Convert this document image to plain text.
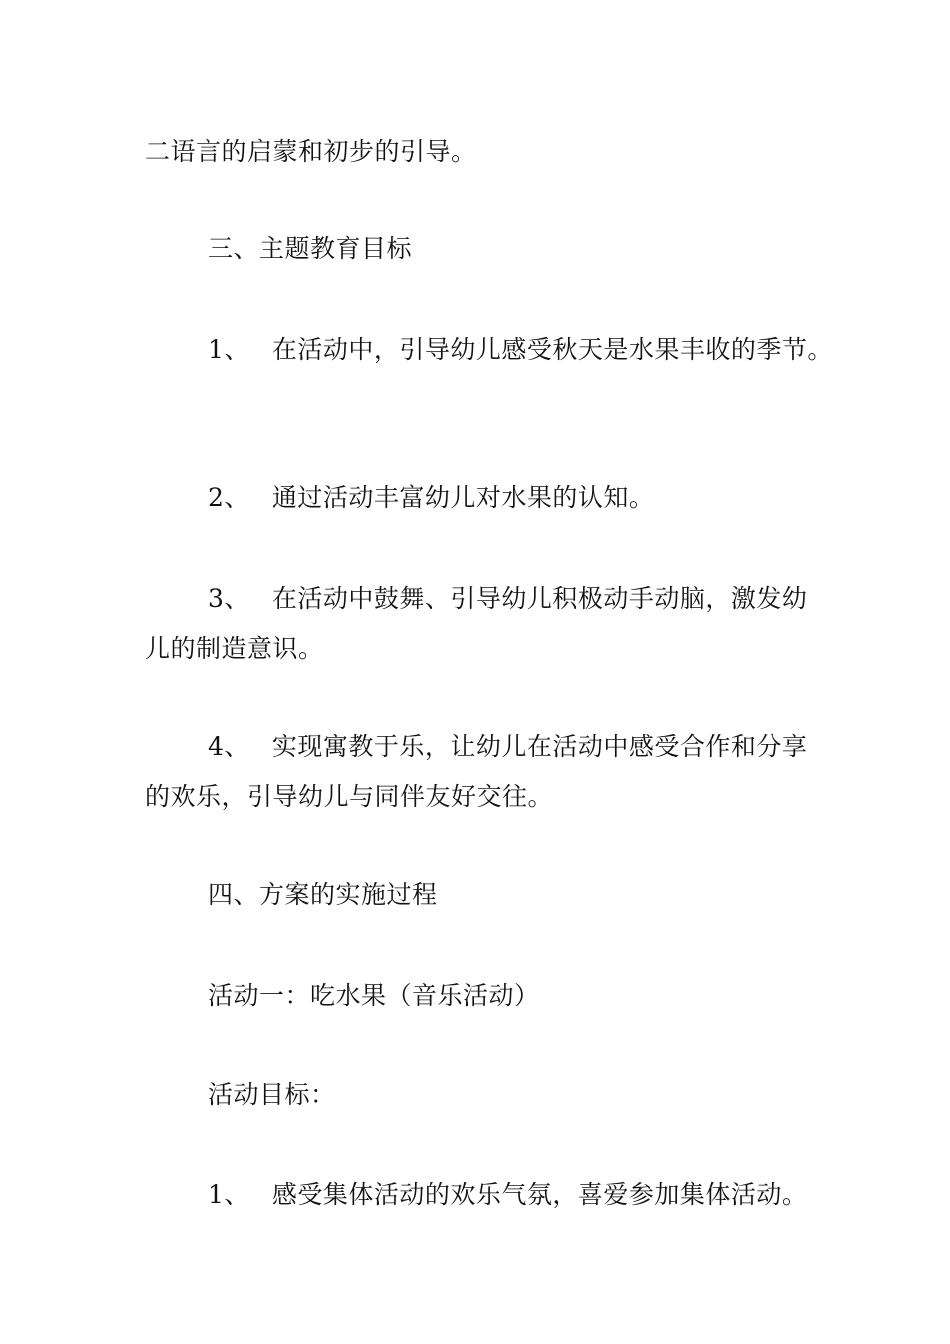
二语言的启蒙和初步的引导。
三、主题教育目标
1、 在活动中，引导幼儿感受秋天是水果丰收的季节。
2、 通过活动丰富幼儿对水果的认知。
3、 在活动中鼓舞、引导幼儿积极动手动脑，激发幼
儿的制造意识。
4、 实现寓教于乐，让幼儿在活动中感受合作和分享
的欢乐，引导幼儿与同伴友好交往。
四、方案的实施过程
活动一：吃水果（音乐活动）
活动目标：
1、 感受集体活动的欢乐气氛，喜爱参加集体活动。
